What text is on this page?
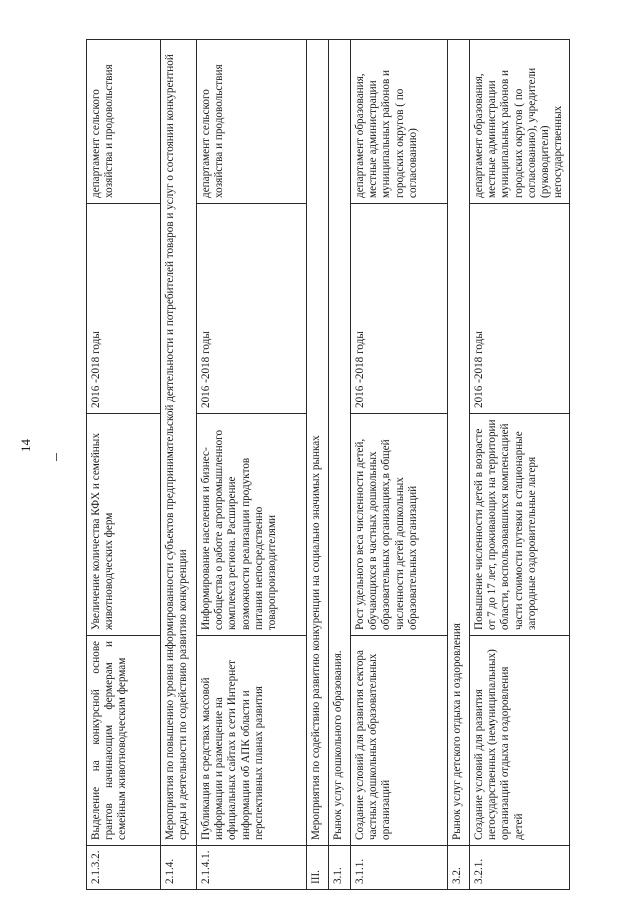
14
2.1.3.2.	Выделение на конкурсной основе грантов начинающим фермерам и семейным животноводческим фермам	Увеличение количества КФХ и семейных животноводческих ферм	2016 -2018 годы	департамент сельского хозяйства и продовольствия
2.1.4.	Мероприятия по повышению уровня информированности субъектов предпринимательской деятельности и потребителей товаров и услуг о состоянии конкурентной среды и деятельности по содействию развитию конкуренции			
2.1.4.1.	Публикация в средствах массовой информации и размещение на официальных сайтах в сети Интернет информации об АПК области и перспективных планах развития	Информирование населения и бизнес- сообщества о работе агропромышленного комплекса региона. Расширение возможности реализации продуктов питания непосредственно товаропроизводителями	2016 -2018 годы	департамент сельского хозяйства и продовольствия
III.	Мероприятия по содействию развитию конкуренции на социально значимых рынках			
3.1.	Рынок услуг дошкольного образования.			
3.1.1.	Создание условий для развития сектора частных дошкольных образовательных организаций	Рост удельного веса численности детей, обучающихся в частных дошкольных образовательных организациях,в общей численности детей дошкольных образовательных организаций	2016 -2018 годы	департамент образования, местные администрации муниципальных районов и городских округов ( по согласованию)
3.2.	Рынок услуг детского отдыха и оздоровления			
3.2.1.	Создание условий для развития негосударственных (немуниципальных) организаций отдыха и оздоровления детей	Повышение численности детей в возрасте от 7 до 17 лет, проживающих на территории области, воспользовавшихся компенсацией части стоимости путевки в стационарные загородные оздоровительные лагеря	2016 -2018 годы	департамент образования, местные администрации муниципальных районов и городских округов ( по согласованию), учредители (руководители) негосударственных
